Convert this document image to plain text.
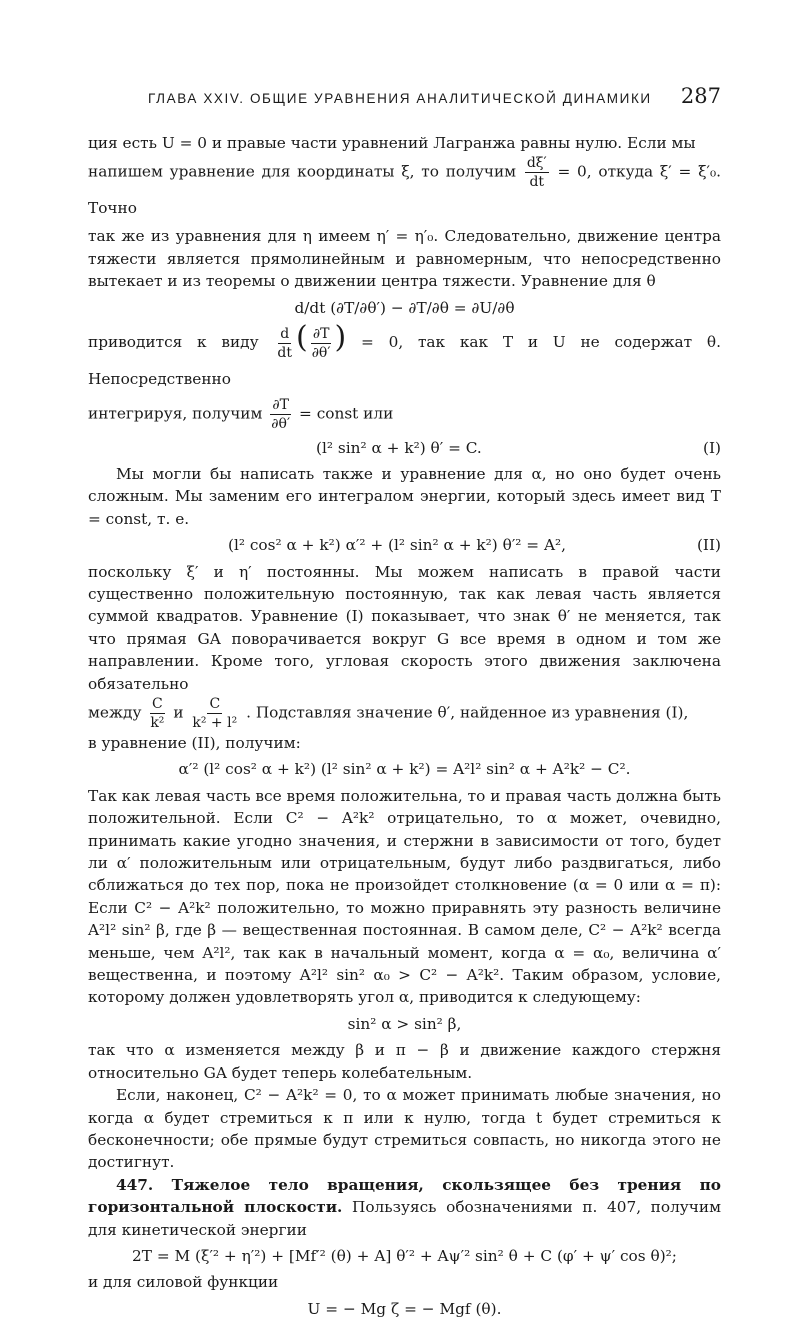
ГЛАВА XXIV. ОБЩИЕ УРАВНЕНИЯ АНАЛИТИЧЕСКОЙ ДИНАМИКИ 287

ция есть U = 0 и правые части уравнений Лагранжа равны нулю. Если мы

напишем уравнение для координаты ξ, то получим $\frac{d\xi'}{dt} = 0$, откуда ξ′ = ξ′₀. Точно

так же из уравнения для η имеем η′ = η′₀. Следовательно, движение центра тяжести является прямолинейным и равномерным, что непосредственно вытекает и из теоремы о движении центра тяжести. Уравнение для θ

d/dt (∂T/∂θ′) − ∂T/∂θ = ∂U/∂θ

приводится к виду $\frac{d}{dt}$ ( $\frac{\partial T}{\partial\theta'}$ ) = 0, так как T и U не содержат θ. Непосредственно

интегрируя, получим $\frac{\partial T}{\partial\theta'}$ = const или

(l² sin² α + k²) θ′ = C.	(I)

Мы могли бы написать также и уравнение для α, но оно будет очень сложным. Мы заменим его интегралом энергии, который здесь имеет вид T = const, т. е.

(l² cos² α + k²) α′² + (l² sin² α + k²) θ′² = A²,	(II)

поскольку ξ′ и η′ постоянны. Мы можем написать в правой части существенно положительную постоянную, так как левая часть является суммой квадратов. Уравнение (I) показывает, что знак θ′ не меняется, так что прямая GA поворачивается вокруг G все время в одном и том же направлении. Кроме того, угловая скорость этого движения заключена обязательно

между $\frac{C}{\text{k²}}$ и $\frac{C}{\text{k² + l²}}$ . Подставляя значение θ′, найденное из уравнения (I),

в уравнение (II), получим:

α′² (l² cos² α + k²) (l² sin² α + k²) = A²l² sin² α + A²k² − C².

Так как левая часть все время положительна, то и правая часть должна быть положительной. Если C² − A²k² отрицательно, то α может, очевидно, принимать какие угодно значения, и стержни в зависимости от того, будет ли α′ положительным или отрицательным, будут либо раздвигаться, либо сближаться до тех пор, пока не произойдет столкновение (α = 0 или α = π): Если C² − A²k² положительно, то можно приравнять эту разность величине A²l² sin² β, где β — вещественная постоянная. В самом деле, C² − A²k² всегда меньше, чем A²l², так как в начальный момент, когда α = α₀, величина α′ вещественна, и поэтому A²l² sin² α₀ > C² − A²k². Таким образом, условие, которому должен удовлетворять угол α, приводится к следующему:

sin² α > sin² β,

так что α изменяется между β и π − β и движение каждого стержня относительно GA будет теперь колебательным.

Если, наконец, C² − A²k² = 0, то α может принимать любые значения, но когда α будет стремиться к π или к нулю, тогда t будет стремиться к бесконечности; обе прямые будут стремиться совпасть, но никогда этого не достигнут.

447. Тяжелое тело вращения, скользящее без трения по горизонтальной плоскости. Пользуясь обозначениями п. 407, получим для кинетической энергии

2T = M (ξ′² + η′²) + [Mf′² (θ) + A] θ′² + Aψ′² sin² θ + C (φ′ + ψ′ cos θ)²;

и для силовой функции

U = − Mg ζ = − Mgf (θ).
